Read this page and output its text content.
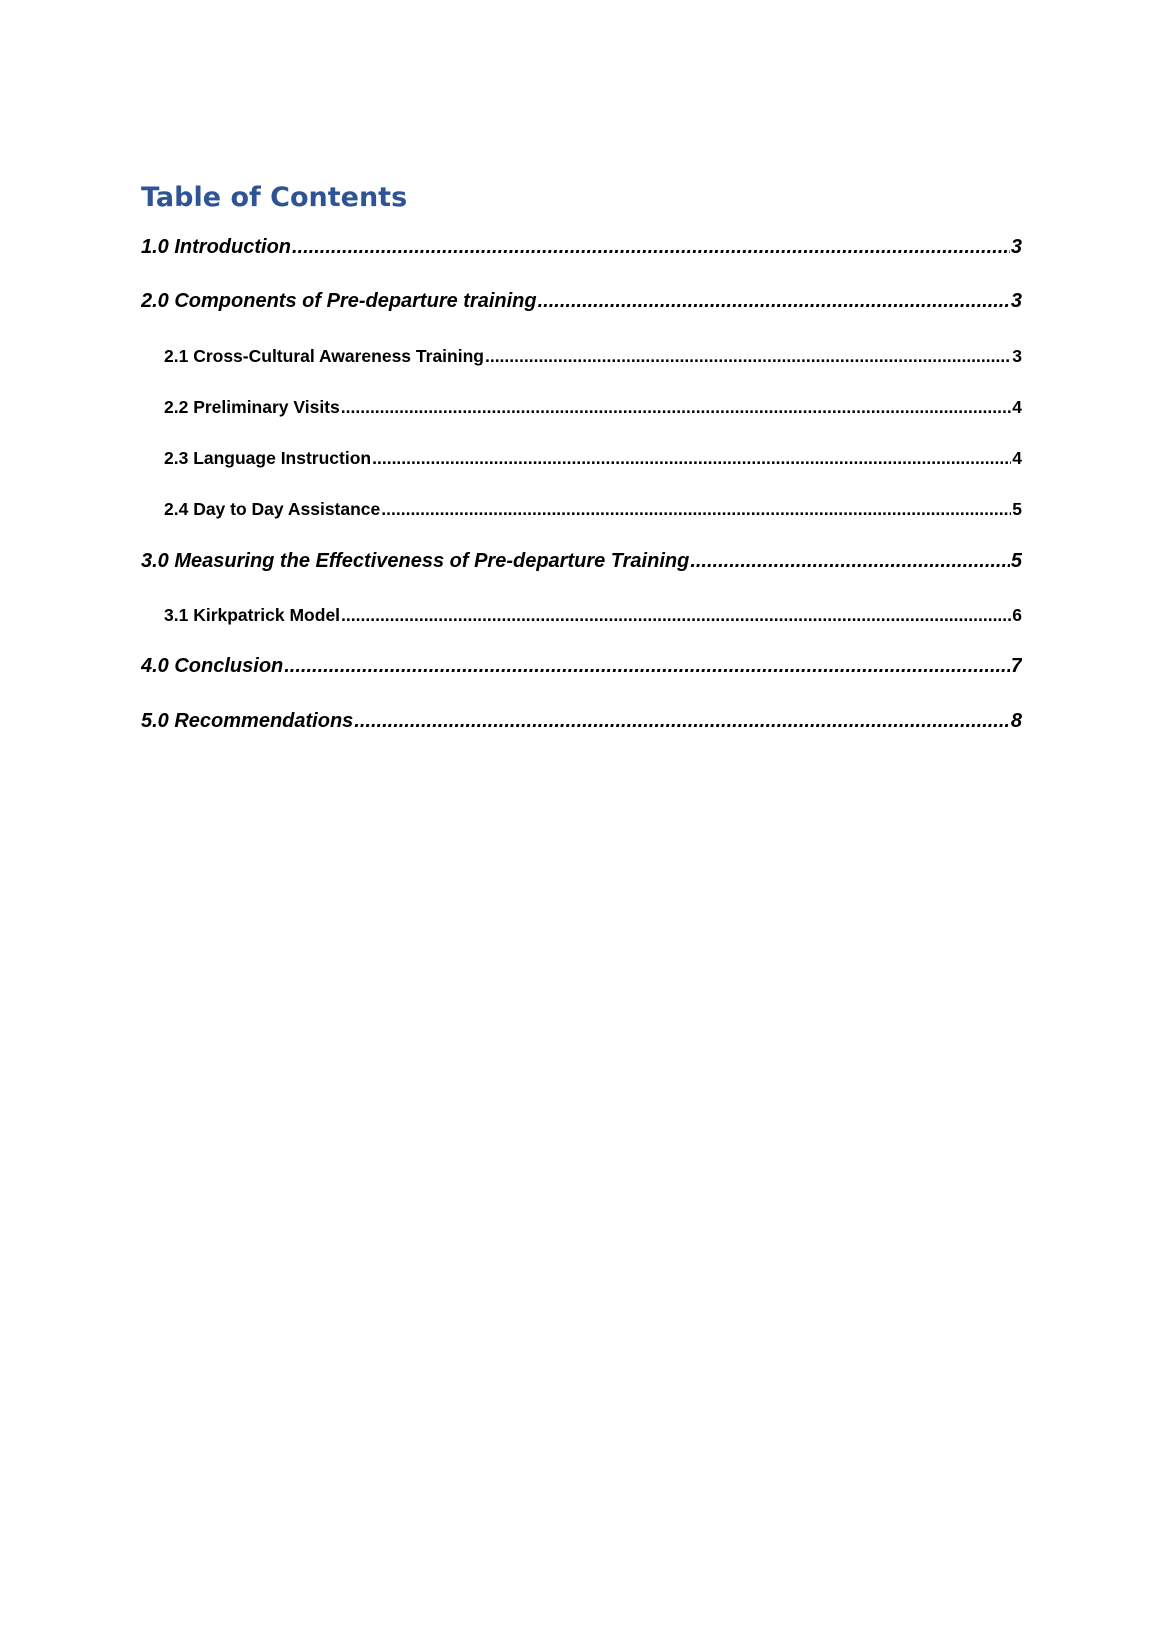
Table of Contents
1.0 Introduction .....	3
2.0 Components of Pre-departure training .....	3
2.1 Cross-Cultural Awareness Training .....	3
2.2 Preliminary Visits .....	4
2.3 Language Instruction .....	4
2.4 Day to Day Assistance .....	5
3.0 Measuring the Effectiveness of Pre-departure Training .....	5
3.1 Kirkpatrick Model .....	6
4.0 Conclusion .....	7
5.0 Recommendations .....	8
